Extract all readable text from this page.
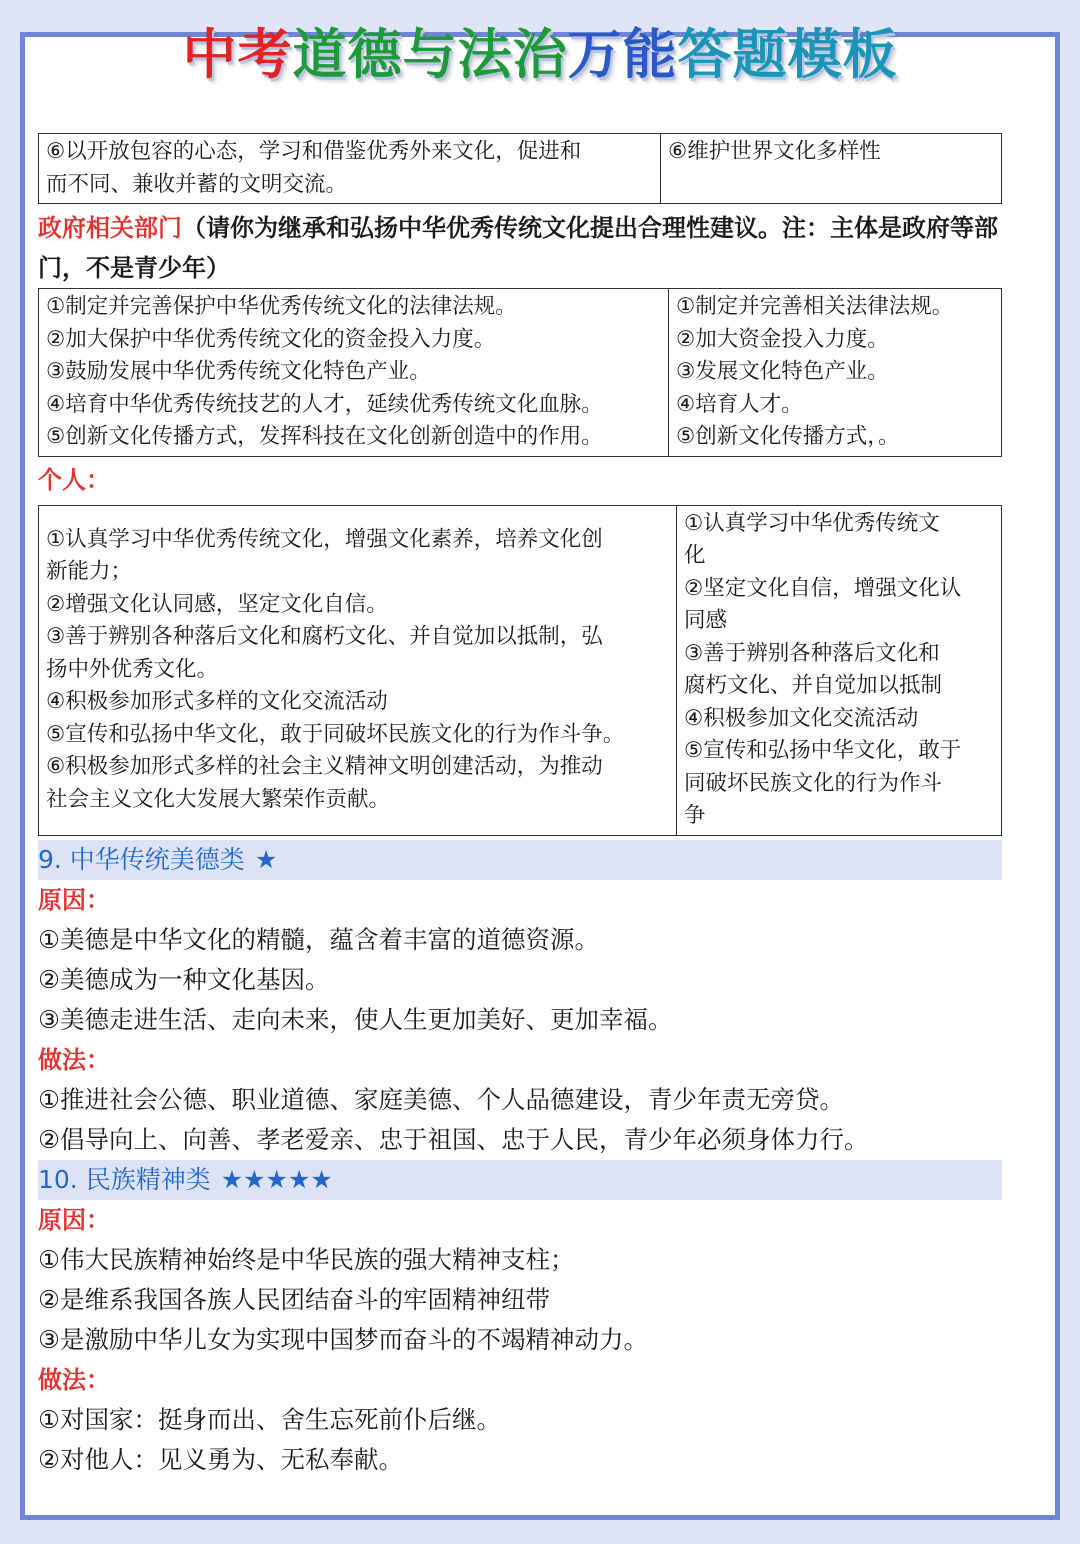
中考道德与法治万能答题模板
⑥以开放包容的心态，学习和借鉴优秀外来文化，促进和
而不同、兼收并蓄的文明交流。

⑥维护世界文化多样性
政府相关部门（请你为继承和弘扬中华优秀传统文化提出合理性建议。注：主体是政府等部门，不是青少年）
①制定并完善保护中华优秀传统文化的法律法规。
②加大保护中华优秀传统文化的资金投入力度。
③鼓励发展中华优秀传统文化特色产业。
④培育中华优秀传统技艺的人才，延续优秀传统文化血脉。
⑤创新文化传播方式，发挥科技在文化创新创造中的作用。

①制定并完善相关法律法规。
②加大资金投入力度。
③发展文化特色产业。
④培育人才。
⑤创新文化传播方式，。
个人：
①认真学习中华优秀传统文化，增强文化素养，培养文化创
新能力；
②增强文化认同感，坚定文化自信。
③善于辨别各种落后文化和腐朽文化、并自觉加以抵制，弘
扬中外优秀文化。
④积极参加形式多样的文化交流活动
⑤宣传和弘扬中华文化，敢于同破坏民族文化的行为作斗争。
⑥积极参加形式多样的社会主义精神文明创建活动，为推动
社会主义文化大发展大繁荣作贡献。

①认真学习中华优秀传统文
化
②坚定文化自信，增强文化认
同感
③善于辨别各种落后文化和
腐朽文化、并自觉加以抵制
④积极参加文化交流活动
⑤宣传和弘扬中华文化，敢于
同破坏民族文化的行为作斗
争
9. 中华传统美德类 ★
原因：
①美德是中华文化的精髓，蕴含着丰富的道德资源。
②美德成为一种文化基因。
③美德走进生活、走向未来，使人生更加美好、更加幸福。
做法：
①推进社会公德、职业道德、家庭美德、个人品德建设，青少年责无旁贷。
②倡导向上、向善、孝老爱亲、忠于祖国、忠于人民，青少年必须身体力行。
10. 民族精神类 ★★★★★
原因：
①伟大民族精神始终是中华民族的强大精神支柱；
②是维系我国各族人民团结奋斗的牢固精神纽带
③是激励中华儿女为实现中国梦而奋斗的不竭精神动力。
做法：
①对国家：挺身而出、舍生忘死前仆后继。
②对他人：见义勇为、无私奉献。
